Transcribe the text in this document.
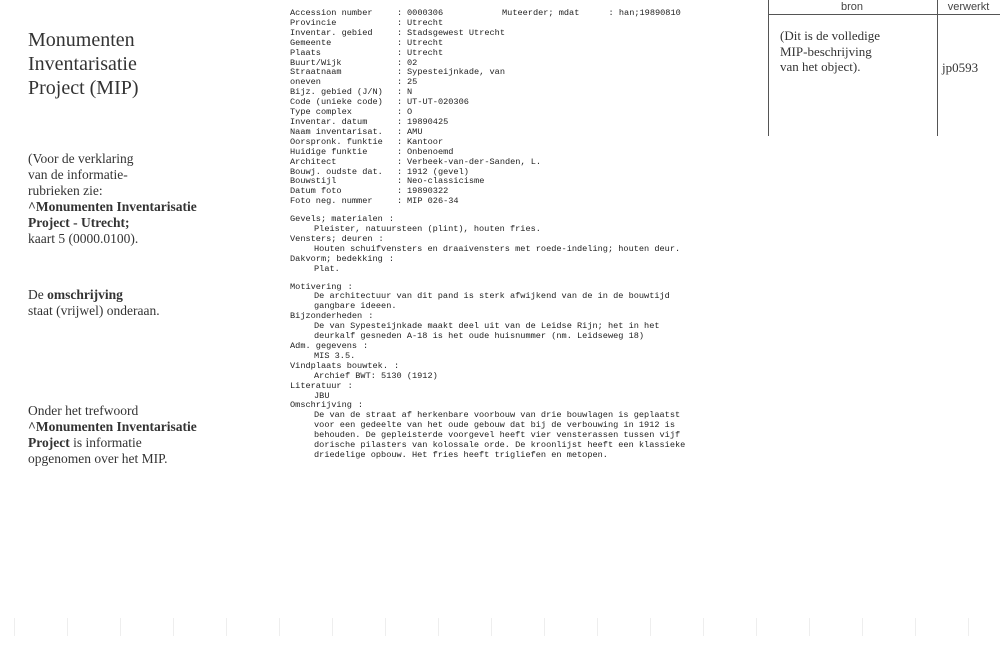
Monumenten
Inventarisatie
Project (MIP)
(Voor de verklaring
van de informatie-
rubrieken zie:
^Monumenten Inventarisatie
Project - Utrecht;
kaart 5 (0000.0100).
De omschrijving
staat (vrijwel) onderaan.
Onder het trefwoord
^Monumenten Inventarisatie
Project is informatie
opgenomen over het MIP.
Muteerder; mdat	: han;19890810
Accession number	: 0000306
Provincie	: Utrecht
Inventar. gebied	: Stadsgewest Utrecht
Gemeente	: Utrecht
Plaats	: Utrecht
Buurt/Wijk	: 02
Straatnaam	: Sypesteijnkade, van
oneven	: 25
Bijz. gebied (J/N)	: N
Code (unieke code)	: UT-UT-020306
Type complex	: O
Inventar. datum	: 19890425
Naam inventarisat.	: AMU
Oorspronk. funktie	: Kantoor
Huidige funktie	: Onbenoemd
Architect	: Verbeek-van-der-Sanden, L.
Bouwj. oudste dat.	: 1912 (gevel)
Bouwstijl	: Neo-classicisme
Datum foto	: 19890322
Foto neg. nummer	: MIP 026-34
Gevels; materialen :
Pleister, natuursteen (plint), houten fries.
Vensters; deuren :
Houten schuifvensters en draaivensters met roede-indeling; houten deur.
Dakvorm; bedekking :
Plat.
Motivering :
De architectuur van dit pand is sterk afwijkend van de in de bouwtijd
gangbare ideeen.
Bijzonderheden :
De van Sypesteijnkade maakt deel uit van de Leidse Rijn; het in het
deurkalf gesneden A-18 is het oude huisnummer (nm. Leidseweg 18)
Adm. gegevens :
MIS 3.5.
Vindplaats bouwtek. :
Archief BWT: 5130 (1912)
Literatuur :
JBU
Omschrijving :
De van de straat af herkenbare voorbouw van drie bouwlagen is geplaatst
voor een gedeelte van het oude gebouw dat bij de verbouwing in 1912 is
behouden. De gepleisterde voorgevel heeft vier vensterassen tussen vijf
dorische pilasters van kolossale orde. De kroonlijst heeft een klassieke
driedelige opbouw. Het fries heeft trigliefen en metopen.
bron	verwerkt
(Dit is de volledige
MIP-beschrijving
van het object).	jp0593
